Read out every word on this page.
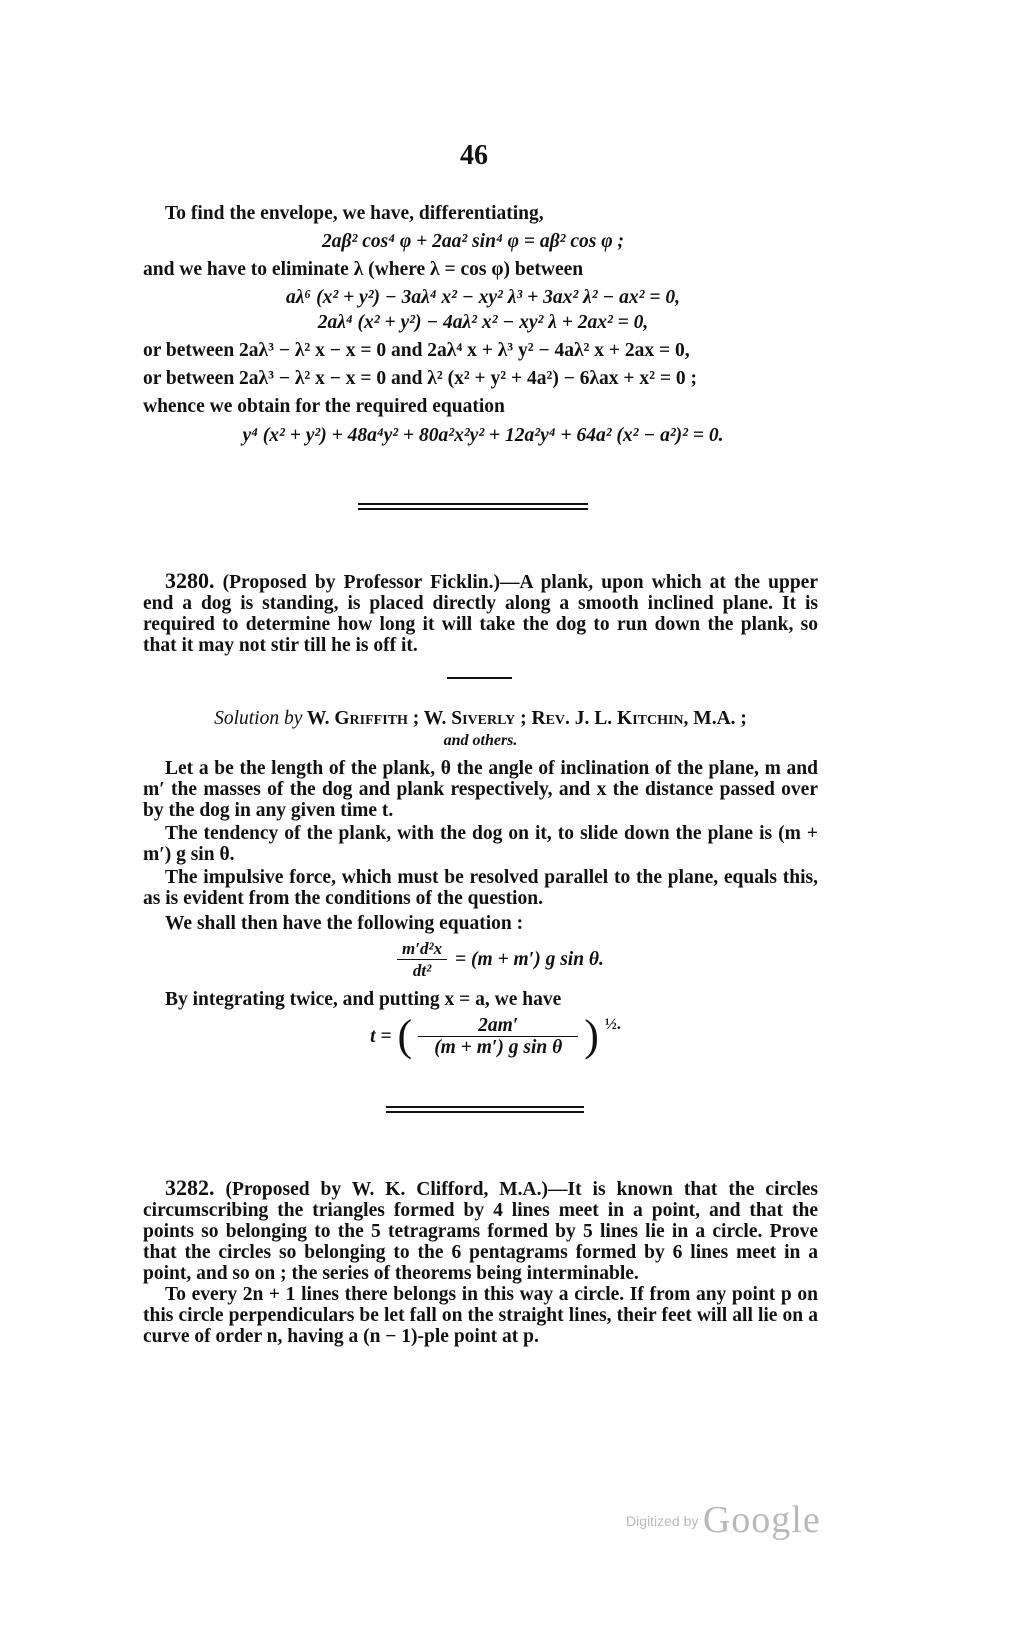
46
To find the envelope, we have, differentiating,
2aβ² cos⁴ φ + 2aa² sin⁴ φ = aβ² cos φ ;
and we have to eliminate λ (where λ = cos φ) between
aλ⁶ (x² + y²) − 3aλ⁴ x² − xy² λ³ + 3ax² λ² − ax² = 0,
2aλ⁴ (x² + y²) − 4aλ² x² − xy² λ + 2ax² = 0,
or between 2aλ³ − λ² x − x = 0 and 2aλ⁴ x + λ³ y² − 4aλ² x + 2ax = 0,
or between 2aλ³ − λ² x − x = 0 and λ² (x² + y² + 4a²) − 6λax + x² = 0 ;
whence we obtain for the required equation
y⁴ (x² + y²) + 48a⁴y² + 80a²x²y² + 12a²y⁴ + 64a² (x² − a²)² = 0.
3280. (Proposed by Professor Ficklin.)—A plank, upon which at the upper end a dog is standing, is placed directly along a smooth inclined plane. It is required to determine how long it will take the dog to run down the plank, so that it may not stir till he is off it.
Solution by W. Griffith ; W. Siverly ; Rev. J. L. Kitchin, M.A. ;
and others.
Let a be the length of the plank, θ the angle of inclination of the plane, m and m′ the masses of the dog and plank respectively, and x the distance passed over by the dog in any given time t.
The tendency of the plank, with the dog on it, to slide down the plane is (m + m′) g sin θ.
The impulsive force, which must be resolved parallel to the plane, equals this, as is evident from the conditions of the question.
We shall then have the following equation :
m′d²x
dt²
= (m + m′) g sin θ.
By integrating twice, and putting x = a, we have
t = (	2am′
(m + m′) g sin θ ) ½.
3282. (Proposed by W. K. Clifford, M.A.)—It is known that the circles circumscribing the triangles formed by 4 lines meet in a point, and that the points so belonging to the 5 tetragrams formed by 5 lines lie in a circle. Prove that the circles so belonging to the 6 pentagrams formed by 6 lines meet in a point, and so on ; the series of theorems being interminable.
To every 2n + 1 lines there belongs in this way a circle. If from any point p on this circle perpendiculars be let fall on the straight lines, their feet will all lie on a curve of order n, having a (n − 1)-ple point at p.
Digitized by Google
